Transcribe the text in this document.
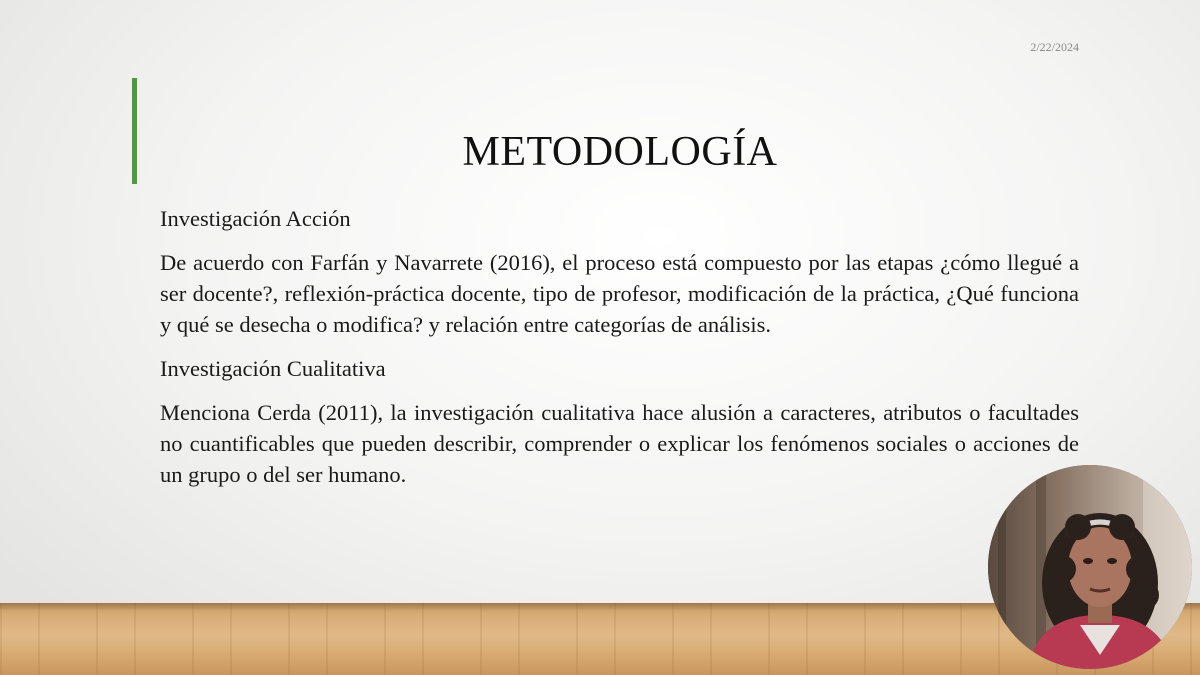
2/22/2024
METODOLOGÍA

Investigación Acción

De acuerdo con Farfán y Navarrete (2016), el proceso está compuesto por las etapas ¿cómo llegué a ser docente?, reflexión-práctica docente, tipo de profesor, modificación de la práctica, ¿Qué funciona y qué se desecha o modifica? y relación entre categorías de análisis.

Investigación Cualitativa

Menciona Cerda (2011), la investigación cualitativa hace alusión a caracteres, atributos o facultades no cuantificables que pueden describir, comprender o explicar los fenómenos sociales o acciones de un grupo o del ser humano.
